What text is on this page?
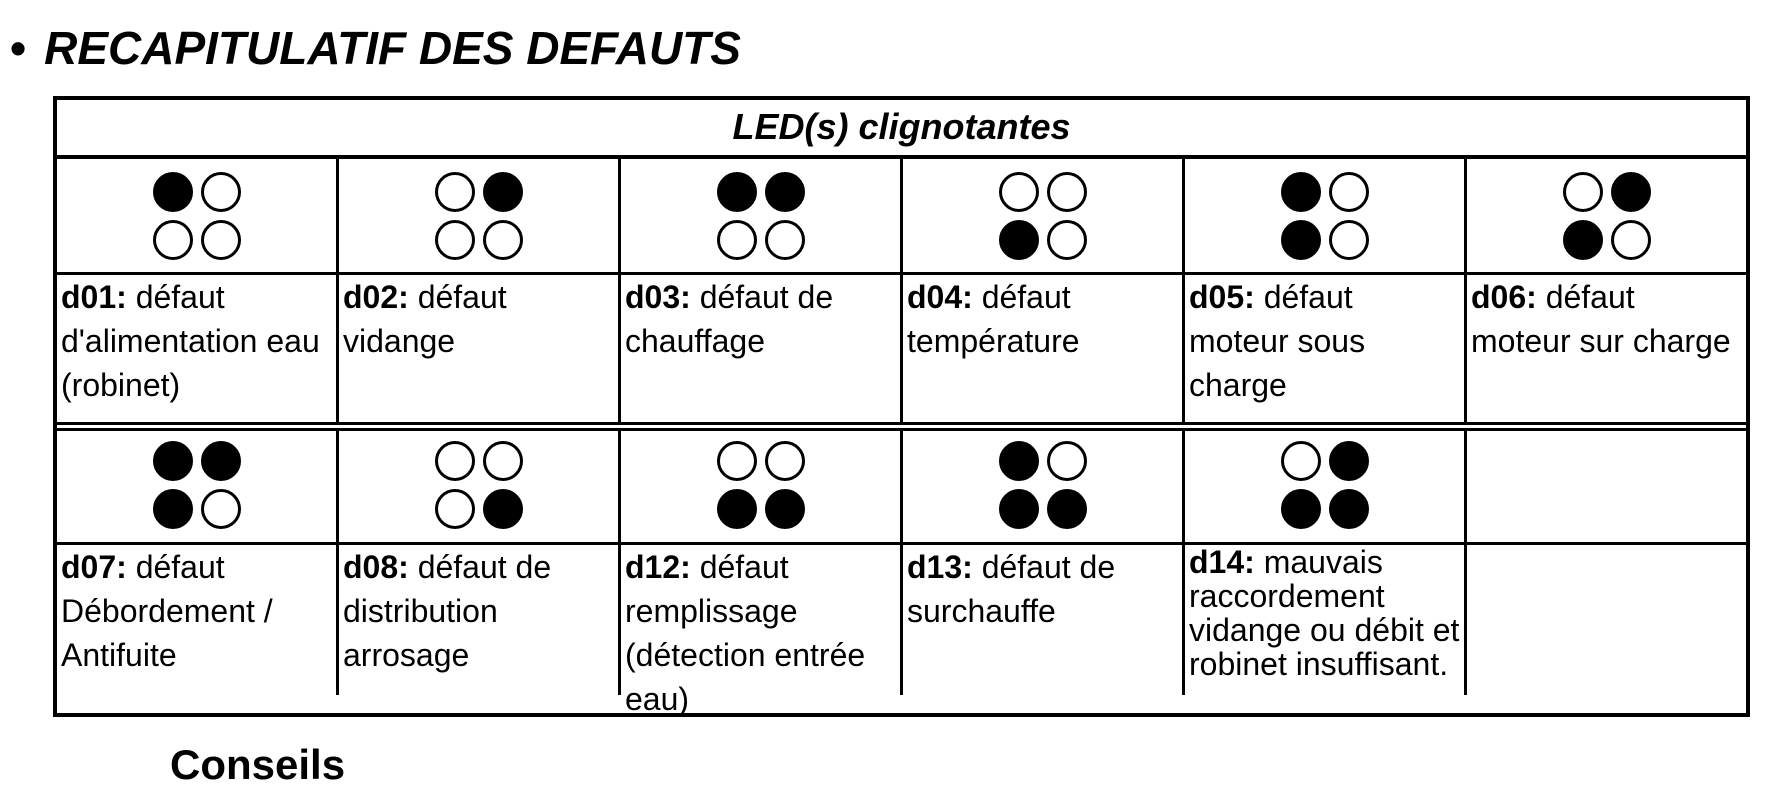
• RECAPITULATIF DES DEFAUTS
LED(s) clignotantes
d01: défaut d'alimentation eau (robinet)
d02: défaut vidange
d03: défaut de chauffage
d04: défaut température
d05: défaut moteur sous charge
d06: défaut moteur sur charge
d07: défaut Débordement / Antifuite
d08: défaut de distribution arrosage
d12: défaut remplissage (détection entrée eau)
d13: défaut de surchauffe
d14: mauvais raccordement vidange ou débit et robinet insuffisant.
Conseils
